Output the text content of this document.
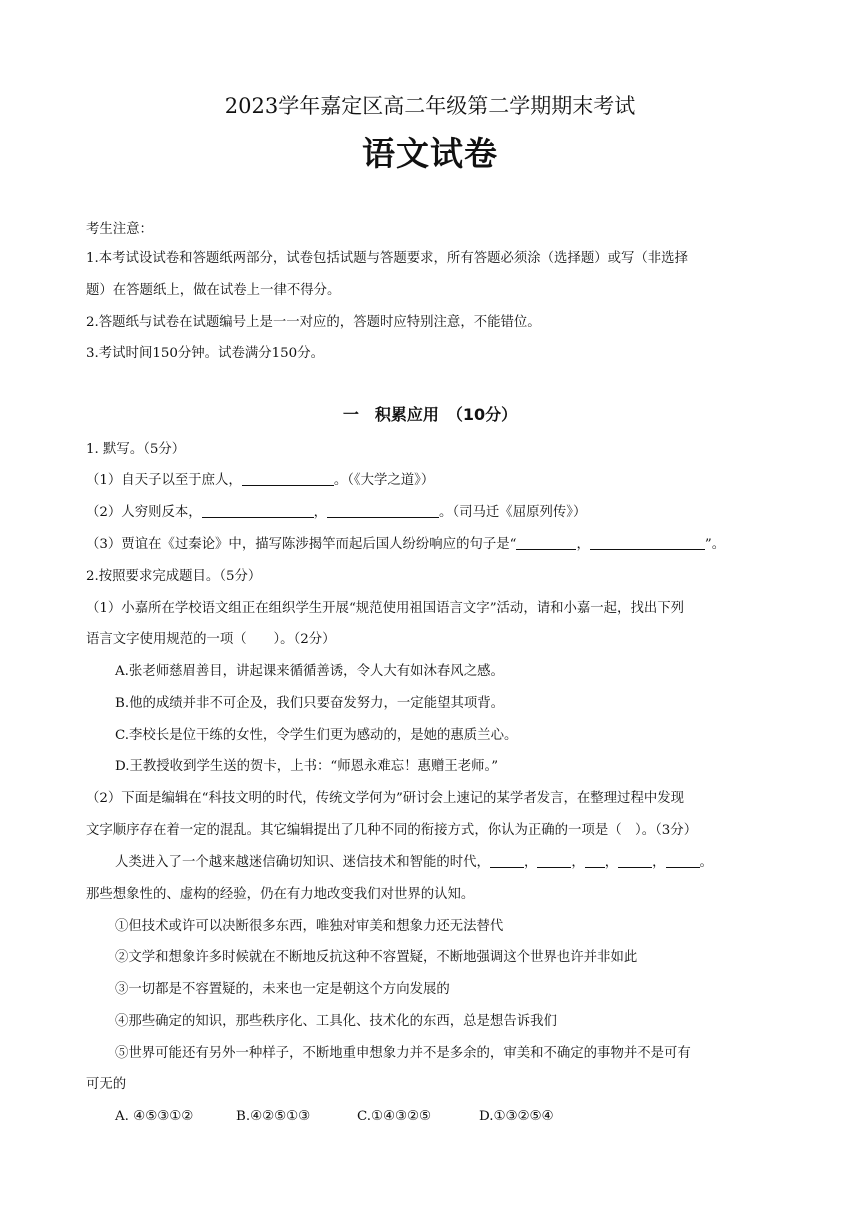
2023学年嘉定区高二年级第二学期期末考试
语文试卷
考生注意：
1.本考试设试卷和答题纸两部分，试卷包括试题与答题要求，所有答题必须涂（选择题）或写（非选择
题）在答题纸上，做在试卷上一律不得分。
2.答题纸与试卷在试题编号上是一一对应的，答题时应特别注意，不能错位。
3.考试时间150分钟。试卷满分150分。
一　积累应用　（10分）
1. 默写。（5分）
（1）自天子以至于庶人，	。（《大学之道》）
（2）人穷则反本，	，	。（司马迁《屈原列传》）
（3）贾谊在《过秦论》中，描写陈涉揭竿而起后国人纷纷响应的句子是“	，	”。
2.按照要求完成题目。（5分）
（1）小嘉所在学校语文组正在组织学生开展“规范使用祖国语言文字”活动，请和小嘉一起，找出下列
语言文字使用规范的一项（　　）。（2分）
A.张老师慈眉善目，讲起课来循循善诱，令人大有如沐春风之感。
B.他的成绩并非不可企及，我们只要奋发努力，一定能望其项背。
C.李校长是位干练的女性，令学生们更为感动的，是她的惠质兰心。
D.王教授收到学生送的贺卡，上书：“师恩永难忘！惠赠王老师。”
（2）下面是编辑在“科技文明的时代，传统文学何为”研讨会上速记的某学者发言，在整理过程中发现
文字顺序存在着一定的混乱。其它编辑提出了几种不同的衔接方式，你认为正确的一项是（　）。（3分）
人类进入了一个越来越迷信确切知识、迷信技术和智能的时代，	，	， ，	，	。
那些想象性的、虚构的经验，仍在有力地改变我们对世界的认知。
①但技术或许可以决断很多东西，唯独对审美和想象力还无法替代
②文学和想象许多时候就在不断地反抗这种不容置疑，不断地强调这个世界也许并非如此
③一切都是不容置疑的，未来也一定是朝这个方向发展的
④那些确定的知识，那些秩序化、工具化、技术化的东西，总是想告诉我们
⑤世界可能还有另外一种样子，不断地重申想象力并不是多余的，审美和不确定的事物并不是可有
可无的
A. ④⑤③①②	B.④②⑤①③	C.①④③②⑤	D.①③②⑤④
